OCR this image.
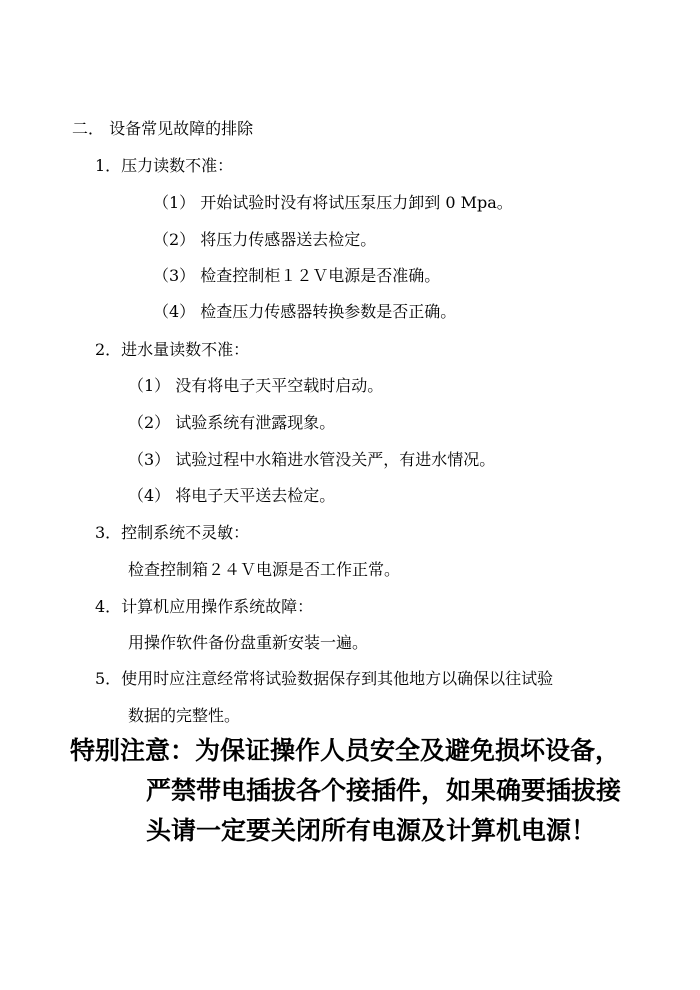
二． 设备常见故障的排除
1．压力读数不准：
（1） 开始试验时没有将试压泵压力卸到 0 Mpa。
（2） 将压力传感器送去检定。
（3） 检查控制柜１２Ｖ电源是否准确。
（4） 检查压力传感器转换参数是否正确。
2．进水量读数不准：
（1） 没有将电子天平空载时启动。
（2） 试验系统有泄露现象。
（3） 试验过程中水箱进水管没关严，有进水情况。
（4） 将电子天平送去检定。
3．控制系统不灵敏：
检查控制箱２４Ｖ电源是否工作正常。
4．计算机应用操作系统故障：
用操作软件备份盘重新安装一遍。
5．使用时应注意经常将试验数据保存到其他地方以确保以往试验
数据的完整性。
特别注意：为保证操作人员安全及避免损坏设备，
严禁带电插拔各个接插件，如果确要插拔接
头请一定要关闭所有电源及计算机电源！
